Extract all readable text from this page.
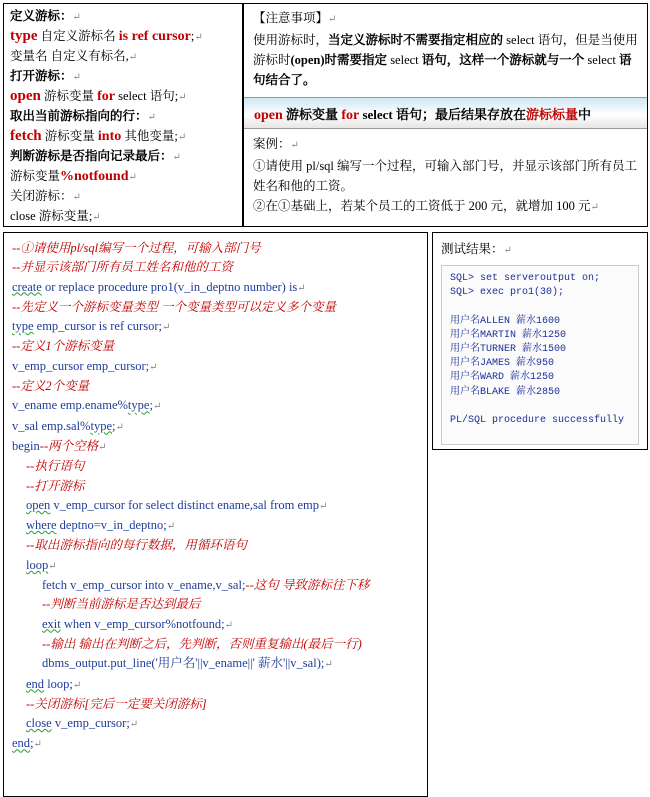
定义游标：↵
type 自定义游标名 is ref cursor;↵
变量名 自定义有标名,↵
打开游标：↵
open 游标变量 for select 语句;↵
取出当前游标指向的行：↵
fetch 游标变量 into 其他变量;↵
判断游标是否指向记录最后：↵
游标变量%notfound↵
关闭游标：↵
close 游标变量;↵
【注意事项】↵
使用游标时，当定义游标时不需要指定相应的 select 语句，但是当使用游标时(open)时需要指定 select 语句，这样一个游标就与一个 select 语句结合了。
open 游标变量 for select 语句；最后结果存放在游标标量中
案例：↵
①请使用 pl/sql 编写一个过程，可输入部门号，并显示该部门所有员工姓名和他的工资。
②在①基础上，若某个员工的工资低于 200 元，就增加 100 元↵
--①请使用pl/sql编写一个过程，可输入部门号
--并显示该部门所有员工姓名和他的工资
create or replace procedure pro1(v_in_deptno number) is↵
--先定义一个游标变量类型 一个变量类型可以定义多个变量
type emp_cursor is ref cursor;↵
--定义1个游标变量
v_emp_cursor emp_cursor;↵
--定义2个变量
v_ename emp.ename%type;↵
v_sal emp.sal%type;↵
begin--两个空格↵
--执行语句
--打开游标
open v_emp_cursor for select distinct ename,sal from emp↵
where deptno=v_in_deptno;↵
--取出游标指向的每行数据，用循环语句
loop↵
fetch v_emp_cursor into v_ename,v_sal;--这句 导致游标往下移
--判断当前游标是否达到最后
exit when v_emp_cursor%notfound;↵
--输出 输出在判断之后，先判断，否则重复输出(最后一行)
dbms_output.put_line('用户名'||v_ename||' 薪水'||v_sal);↵
end loop;↵
--关闭游标[完后一定要关闭游标]
close v_emp_cursor;↵
end;↵
测试结果：↵
SQL> set serveroutput on;
SQL> exec pro1(30);

用户名ALLEN 薪水1600
用户名MARTIN 薪水1250
用户名TURNER 薪水1500
用户名JAMES 薪水950
用户名WARD 薪水1250
用户名BLAKE 薪水2850

PL/SQL procedure successfully
